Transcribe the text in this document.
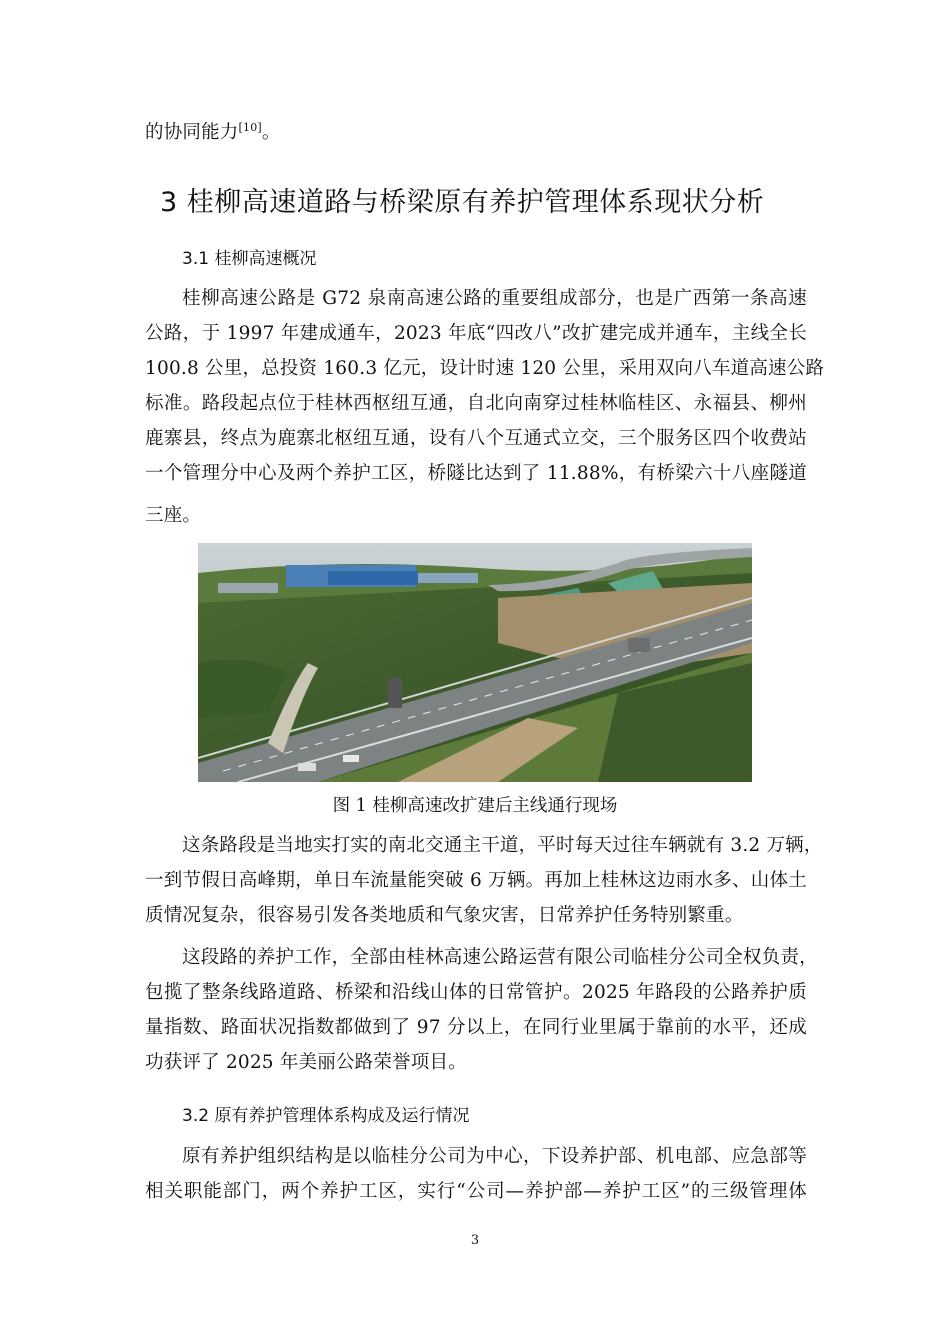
的协同能力[10]。
3 桂柳高速道路与桥梁原有养护管理体系现状分析
3.1 桂柳高速概况
桂柳高速公路是 G72 泉南高速公路的重要组成部分，也是广西第一条高速
公路，于 1997 年建成通车，2023 年底“四改八”改扩建完成并通车，主线全长
100.8 公里，总投资 160.3 亿元，设计时速 120 公里，采用双向八车道高速公路
标准。路段起点位于桂林西枢纽互通，自北向南穿过桂林临桂区、永福县、柳州
鹿寨县，终点为鹿寨北枢纽互通，设有八个互通式立交，三个服务区四个收费站
一个管理分中心及两个养护工区，桥隧比达到了 11.88%，有桥梁六十八座隧道
三座。
图 1 桂柳高速改扩建后主线通行现场
这条路段是当地实打实的南北交通主干道，平时每天过往车辆就有 3.2 万辆，
一到节假日高峰期，单日车流量能突破 6 万辆。再加上桂林这边雨水多、山体土
质情况复杂，很容易引发各类地质和气象灾害，日常养护任务特别繁重。
这段路的养护工作，全部由桂林高速公路运营有限公司临桂分公司全权负责，
包揽了整条线路道路、桥梁和沿线山体的日常管护。2025 年路段的公路养护质
量指数、路面状况指数都做到了 97 分以上，在同行业里属于靠前的水平，还成
功获评了 2025 年美丽公路荣誉项目。
3.2 原有养护管理体系构成及运行情况
原有养护组织结构是以临桂分公司为中心，下设养护部、机电部、应急部等
相关职能部门，两个养护工区，实行“公司—养护部—养护工区”的三级管理体
3
